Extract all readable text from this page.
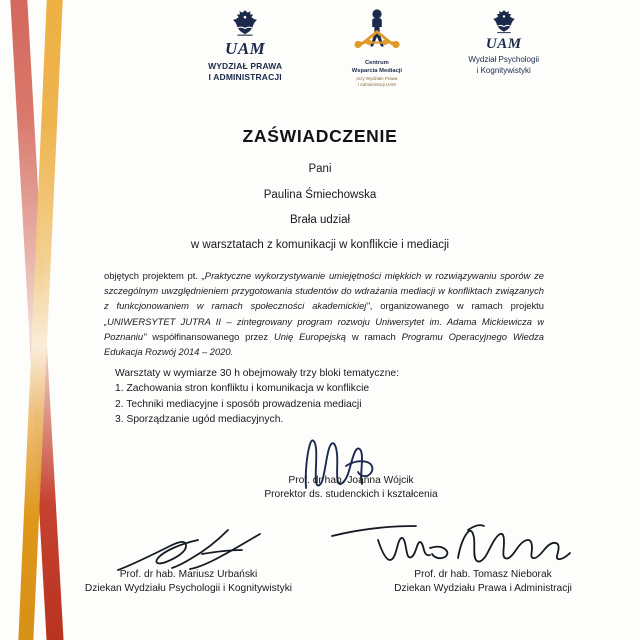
UAM
WYDZIAŁ PRAWA
I ADMINISTRACJI
Centrum
Wsparcia Mediacji
przy Wydziale Prawa
i Administracji UAM
UAM
Wydział Psychologii
i Kognitywistyki
ZAŚWIADCZENIE
Pani
Paulina Śmiechowska
Brała udział
w warsztatach z komunikacji w konflikcie i mediacji
objętych projektem pt. „Praktyczne wykorzystywanie umiejętności miękkich w rozwiązywaniu sporów ze szczególnym uwzględnieniem przygotowania studentów do wdrażania mediacji w konfliktach związanych z funkcjonowaniem w ramach społeczności akademickiej", organizowanego w ramach projektu „UNIWERSYTET JUTRA II – zintegrowany program rozwoju Uniwersytet im. Adama Mickiewicza w Poznaniu" współfinansowanego przez Unię Europejską w ramach Programu Operacyjnego Wiedza Edukacja Rozwój 2014 – 2020.
Warsztaty w wymiarze 30 h obejmowały trzy bloki tematyczne:
1. Zachowania stron konfliktu i komunikacja w konflikcie
2. Techniki mediacyjne i sposób prowadzenia mediacji
3. Sporządzanie ugód mediacyjnych.
Prof. dr hab. Joanna Wójcik
Prorektor ds. studenckich i kształcenia
Prof. dr hab. Mariusz Urbański
Dziekan Wydziału Psychologii i Kognitywistyki
Prof. dr hab. Tomasz Nieborak
Dziekan Wydziału Prawa i Administracji
